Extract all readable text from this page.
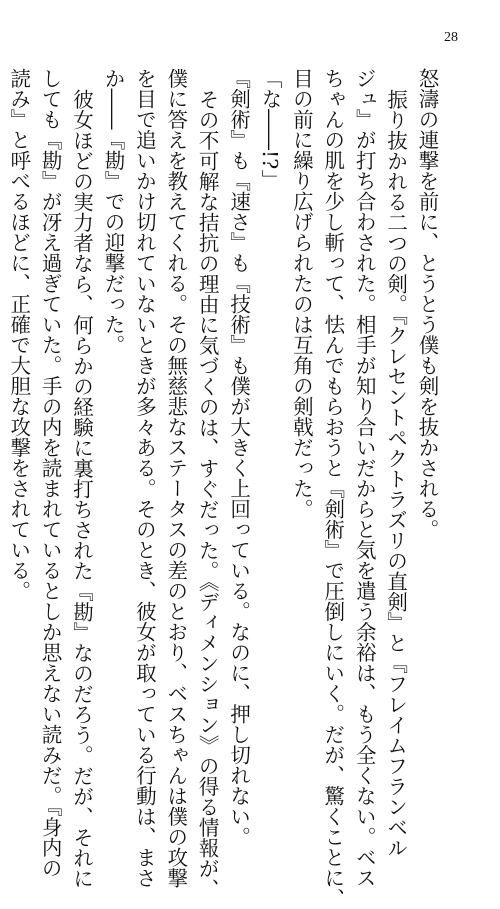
28
怒濤の連撃を前に、とうとう僕も剣を抜かされる。
振り抜かれる二つの剣。『クレセントペクトラズリの直剣』と『フレイムフランベル
ジュ』が打ち合わされた。相手が知り合いだからと気を遣う余裕は、もう全くない。ベス
ちゃんの肌を少し斬って、怯んでもらおうと『剣術』で圧倒しにいく。だが、驚くことに、
目の前に繰り広げられたのは互角の剣戟だった。
「な――!?」
『剣術』も『速さ』も『技術』も僕が大きく上回っている。なのに、押し切れない。
その不可解な拮抗の理由に気づくのは、すぐだった。《ディメンション》の得る情報が、
僕に答えを教えてくれる。その無慈悲なステータスの差のとおり、ベスちゃんは僕の攻撃
を目で追いかけ切れていないときが多々ある。そのとき、彼女が取っている行動は、まさ
か――『勘』での迎撃だった。
彼女ほどの実力者なら、何らかの経験に裏打ちされた『勘』なのだろう。だが、それに
しても『勘』が冴え過ぎていた。手の内を読まれているとしか思えない読みだ。『身内の
読み』と呼べるほどに、正確で大胆な攻撃をされている。
